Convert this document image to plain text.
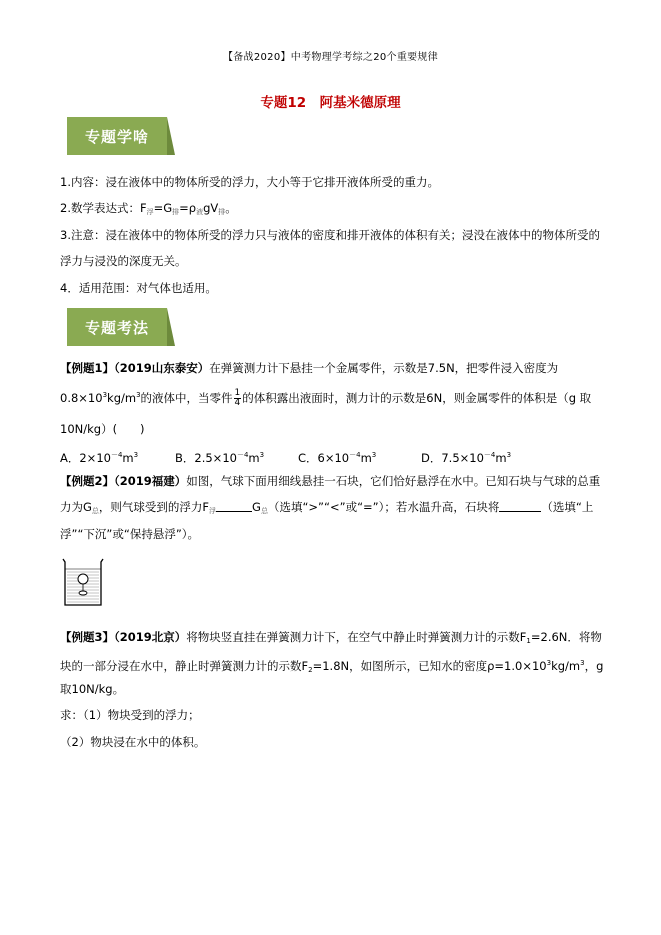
【备战2020】中考物理学考综之20个重要规律
专题12　阿基米德原理
专题学啥
1.内容：浸在液体中的物体所受的浮力，大小等于它排开液体所受的重力。
2.数学表达式：$F_浮=G_排=\rho_液gV_排$。
3.注意：浸在液体中的物体所受的浮力只与液体的密度和排开液体的体积有关；浸没在液体中的物体所受的
浮力与浸没的深度无关。
4．适用范围：对气体也适用。
专题考法
【例题1】（2019山东泰安）在弹簧测力计下悬挂一个金属零件，示数是7.5N，把零件浸入密度为
$0.8\times 10^3kg/m^3$的液体中，当零件 $\frac{1}{4}$ 的体积露出液面时，测力计的示数是6N，则金属零件的体积是（g 取
10N/kg）(　　)
A．$2\times 10^{-4}m^3$	B．$2.5\times 10^{-4}m^3$	C．$6\times 10^{-4}m^3$	D．$7.5\times 10^{-4}m^3$
【例题2】（2019福建）如图，气球下面用细线悬挂一石块，它们恰好悬浮在水中。已知石块与气球的总重
力为$G_总$，则气球受到的浮力$F_浮$	$G_总$（选填“>”“<”或“=”）；若水温升高，石块将	（选填“上
浮”“下沉”或“保持悬浮”）。
【例题3】（2019北京）将物块竖直挂在弹簧测力计下，在空气中静止时弹簧测力计的示数$F_1=2.6N$．将物
块的一部分浸在水中，静止时弹簧测力计的示数$F_2=1.8N$，如图所示，已知水的密度$\rho=1.0\times 10^3kg/m^3$，g
取10N/kg。
求：（1）物块受到的浮力；
（2）物块浸在水中的体积。
